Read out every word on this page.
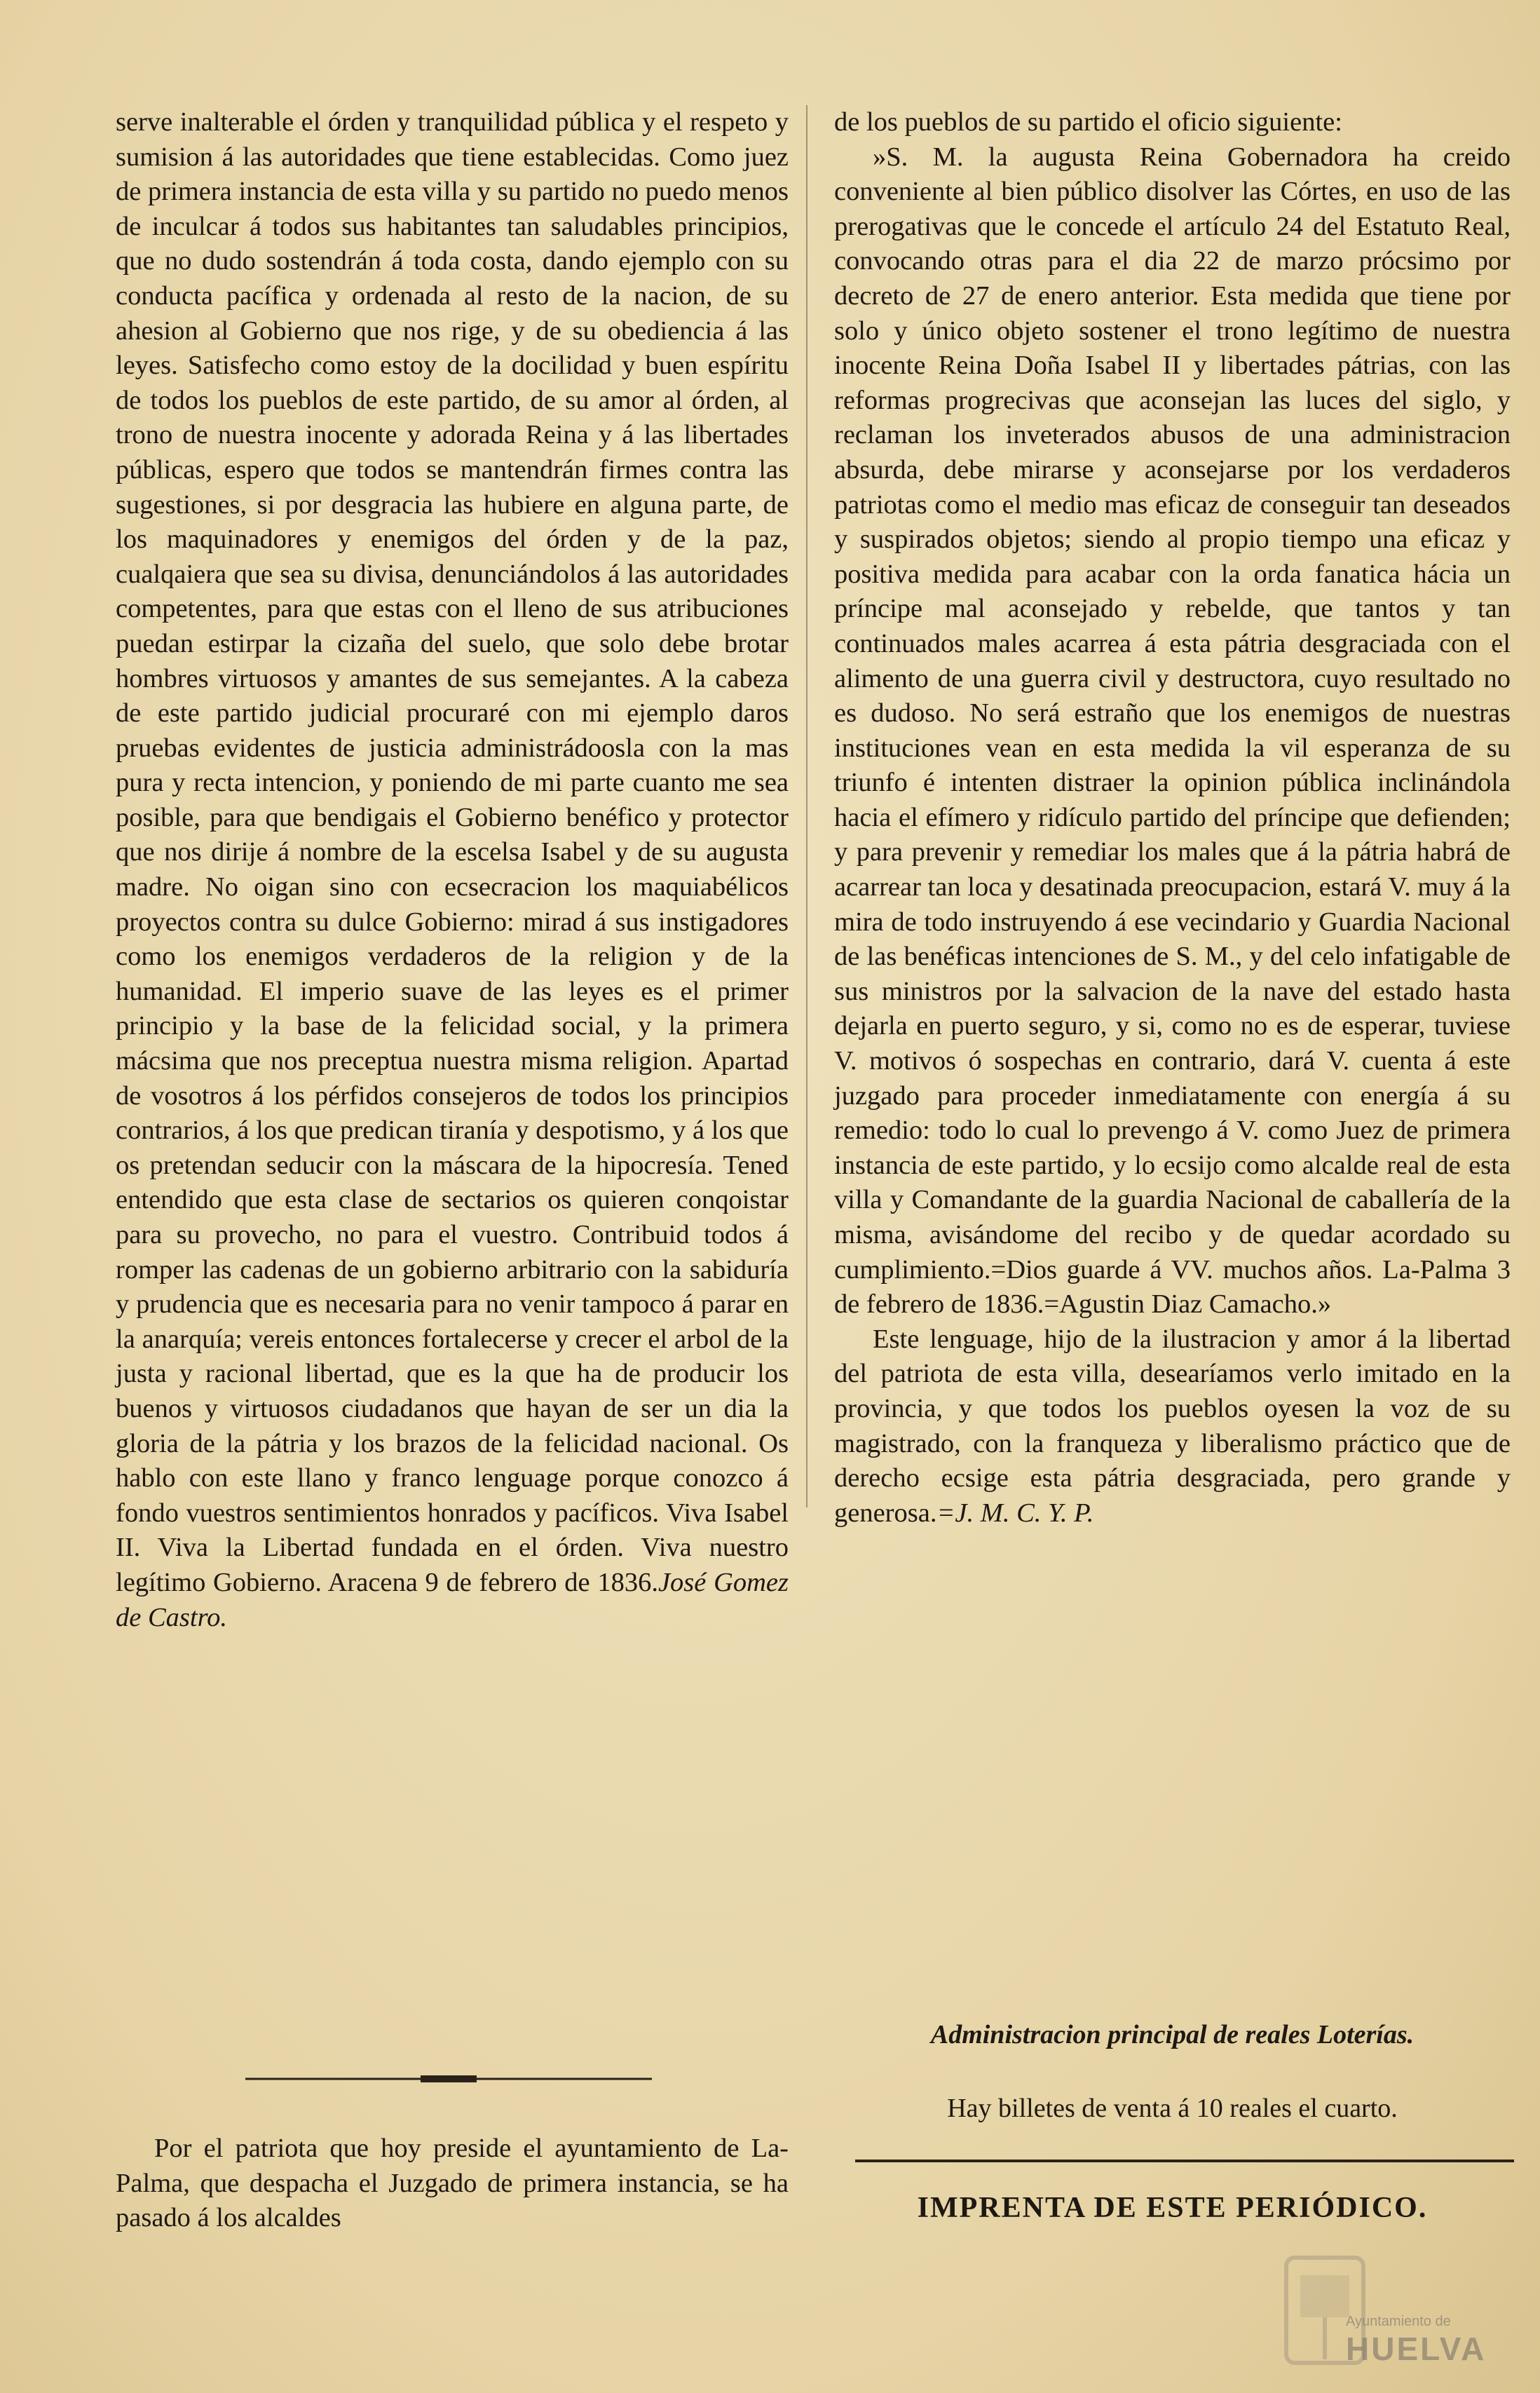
serve inalterable el órden y tranquilidad pública y el respeto y sumision á las autoridades que tiene establecidas. Como juez de primera instancia de esta villa y su partido no puedo menos de inculcar á todos sus habitantes tan saludables principios, que no dudo sostendrán á toda costa, dando ejemplo con su conducta pacífica y ordenada al resto de la nacion, de su ahesion al Gobierno que nos rige, y de su obediencia á las leyes. Satisfecho como estoy de la docilidad y buen espíritu de todos los pueblos de este partido, de su amor al órden, al trono de nuestra inocente y adorada Reina y á las libertades públicas, espero que todos se mantendrán firmes contra las sugestiones, si por desgracia las hubiere en alguna parte, de los maquinadores y enemigos del órden y de la paz, cualqaiera que sea su divisa, denunciándolos á las autoridades competentes, para que estas con el lleno de sus atribuciones puedan estirpar la cizaña del suelo, que solo debe brotar hombres virtuosos y amantes de sus semejantes. A la cabeza de este partido judicial procuraré con mi ejemplo daros pruebas evidentes de justicia administrádoosla con la mas pura y recta intencion, y poniendo de mi parte cuanto me sea posible, para que bendigais el Gobierno benéfico y protector que nos dirije á nombre de la escelsa Isabel y de su augusta madre. No oigan sino con ecsecracion los maquiabélicos proyectos contra su dulce Gobierno: mirad á sus instigadores como los enemigos verdaderos de la religion y de la humanidad. El imperio suave de las leyes es el primer principio y la base de la felicidad social, y la primera mácsima que nos preceptua nuestra misma religion. Apartad de vosotros á los pérfidos consejeros de todos los principios contrarios, á los que predican tiranía y despotismo, y á los que os pretendan seducir con la máscara de la hipocresía. Tened entendido que esta clase de sectarios os quieren conqoistar para su provecho, no para el vuestro. Contribuid todos á romper las cadenas de un gobierno arbitrario con la sabiduría y prudencia que es necesaria para no venir tampoco á parar en la anarquía; vereis entonces fortalecerse y crecer el arbol de la justa y racional libertad, que es la que ha de producir los buenos y virtuosos ciudadanos que hayan de ser un dia la gloria de la pátria y los brazos de la felicidad nacional. Os hablo con este llano y franco lenguage porque conozco á fondo vuestros sentimientos honrados y pacíficos. Viva Isabel II. Viva la Libertad fundada en el órden. Viva nuestro legítimo Gobierno. Aracena 9 de febrero de 1836.José Gomez de Castro.

Por el patriota que hoy preside el ayuntamiento de La-Palma, que despacha el Juzgado de primera instancia, se ha pasado á los alcaldes

de los pueblos de su partido el oficio siguiente:

»S. M. la augusta Reina Gobernadora ha creido conveniente al bien público disolver las Córtes, en uso de las prerogativas que le concede el artículo 24 del Estatuto Real, convocando otras para el dia 22 de marzo prócsimo por decreto de 27 de enero anterior. Esta medida que tiene por solo y único objeto sostener el trono legítimo de nuestra inocente Reina Doña Isabel II y libertades pátrias, con las reformas progrecivas que aconsejan las luces del siglo, y reclaman los inveterados abusos de una administracion absurda, debe mirarse y aconsejarse por los verdaderos patriotas como el medio mas eficaz de conseguir tan deseados y suspirados objetos; siendo al propio tiempo una eficaz y positiva medida para acabar con la orda fanatica hácia un príncipe mal aconsejado y rebelde, que tantos y tan continuados males acarrea á esta pátria desgraciada con el alimento de una guerra civil y destructora, cuyo resultado no es dudoso. No será estraño que los enemigos de nuestras instituciones vean en esta medida la vil esperanza de su triunfo é intenten distraer la opinion pública inclinándola hacia el efímero y ridículo partido del príncipe que defienden; y para prevenir y remediar los males que á la pátria habrá de acarrear tan loca y desatinada preocupacion, estará V. muy á la mira de todo instruyendo á ese vecindario y Guardia Nacional de las benéficas intenciones de S. M., y del celo infatigable de sus ministros por la salvacion de la nave del estado hasta dejarla en puerto seguro, y si, como no es de esperar, tuviese V. motivos ó sospechas en contrario, dará V. cuenta á este juzgado para proceder inmediatamente con energía á su remedio: todo lo cual lo prevengo á V. como Juez de primera instancia de este partido, y lo ecsijo como alcalde real de esta villa y Comandante de la guardia Nacional de caballería de la misma, avisándome del recibo y de quedar acordado su cumplimiento.=Dios guarde á VV. muchos años. La-Palma 3 de febrero de 1836.=Agustin Diaz Camacho.»

Este lenguage, hijo de la ilustracion y amor á la libertad del patriota de esta villa, desearíamos verlo imitado en la provincia, y que todos los pueblos oyesen la voz de su magistrado, con la franqueza y liberalismo práctico que de derecho ecsige esta pátria desgraciada, pero grande y generosa.=J. M. C. Y. P.

Administracion principal de reales Loterías.
Hay billetes de venta á 10 reales el cuarto.
IMPRENTA DE ESTE PERIÓDICO.
Ayuntamiento de
HUELVA
